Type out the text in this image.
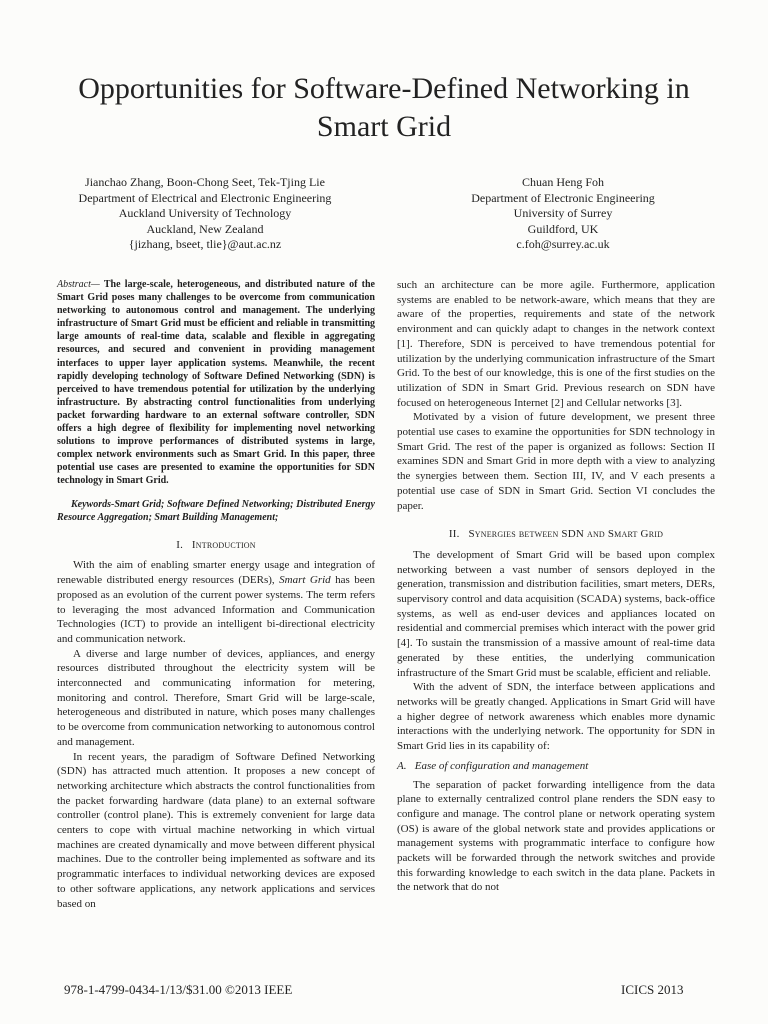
Opportunities for Software-Defined Networking in Smart Grid
Jianchao Zhang, Boon-Chong Seet, Tek-Tjing Lie
Department of Electrical and Electronic Engineering
Auckland University of Technology
Auckland, New Zealand
{jizhang, bseet, tlie}@aut.ac.nz
Chuan Heng Foh
Department of Electronic Engineering
University of Surrey
Guildford, UK
c.foh@surrey.ac.uk

Abstract— The large-scale, heterogeneous, and distributed nature of the Smart Grid poses many challenges to be overcome from communication networking to autonomous control and management. The underlying infrastructure of Smart Grid must be efficient and reliable in transmitting large amounts of real-time data, scalable and flexible in aggregating resources, and secured and convenient in providing management interfaces to upper layer application systems. Meanwhile, the recent rapidly developing technology of Software Defined Networking (SDN) is perceived to have tremendous potential for utilization by the underlying infrastructure. By abstracting control functionalities from underlying packet forwarding hardware to an external software controller, SDN offers a high degree of flexibility for implementing novel networking solutions to improve performances of distributed systems in large, complex network environments such as Smart Grid. In this paper, three potential use cases are presented to examine the opportunities for SDN technology in Smart Grid.

Keywords-Smart Grid; Software Defined Networking; Distributed Energy Resource Aggregation; Smart Building Management;

I. Introduction

With the aim of enabling smarter energy usage and integration of renewable distributed energy resources (DERs), Smart Grid has been proposed as an evolution of the current power systems. The term refers to leveraging the most advanced Information and Communication Technologies (ICT) to provide an intelligent bi-directional electricity and communication network.

A diverse and large number of devices, appliances, and energy resources distributed throughout the electricity system will be interconnected and communicating information for metering, monitoring and control. Therefore, Smart Grid will be large-scale, heterogeneous and distributed in nature, which poses many challenges to be overcome from communication networking to autonomous control and management.

In recent years, the paradigm of Software Defined Networking (SDN) has attracted much attention. It proposes a new concept of networking architecture which abstracts the control functionalities from the packet forwarding hardware (data plane) to an external software controller (control plane). This is extremely convenient for large data centers to cope with virtual machine networking in which virtual machines are created dynamically and move between different physical machines. Due to the controller being implemented as software and its programmatic interfaces to individual networking devices are exposed to other software applications, any network applications and services based on

such an architecture can be more agile. Furthermore, application systems are enabled to be network-aware, which means that they are aware of the properties, requirements and state of the network environment and can quickly adapt to changes in the network context [1]. Therefore, SDN is perceived to have tremendous potential for utilization by the underlying communication infrastructure of the Smart Grid. To the best of our knowledge, this is one of the first studies on the utilization of SDN in Smart Grid. Previous research on SDN have focused on heterogeneous Internet [2] and Cellular networks [3].

Motivated by a vision of future development, we present three potential use cases to examine the opportunities for SDN technology in Smart Grid. The rest of the paper is organized as follows: Section II examines SDN and Smart Grid in more depth with a view to analyzing the synergies between them. Section III, IV, and V each presents a potential use case of SDN in Smart Grid. Section VI concludes the paper.

II. Synergies between SDN and Smart Grid

The development of Smart Grid will be based upon complex networking between a vast number of sensors deployed in the generation, transmission and distribution facilities, smart meters, DERs, supervisory control and data acquisition (SCADA) systems, back-office systems, as well as end-user devices and appliances located on residential and commercial premises which interact with the power grid [4]. To sustain the transmission of a massive amount of real-time data generated by these entities, the underlying communication infrastructure of the Smart Grid must be scalable, efficient and reliable.

With the advent of SDN, the interface between applications and networks will be greatly changed. Applications in Smart Grid will have a higher degree of network awareness which enables more dynamic interactions with the underlying network. The opportunity for SDN in Smart Grid lies in its capability of:

A. Ease of configuration and management

The separation of packet forwarding intelligence from the data plane to externally centralized control plane renders the SDN easy to configure and manage. The control plane or network operating system (OS) is aware of the global network state and provides applications or management systems with programmatic interface to configure how packets will be forwarded through the network switches and provide this forwarding knowledge to each switch in the data plane. Packets in the network that do not

978-1-4799-0434-1/13/$31.00 ©2013 IEEE	ICICS 2013
